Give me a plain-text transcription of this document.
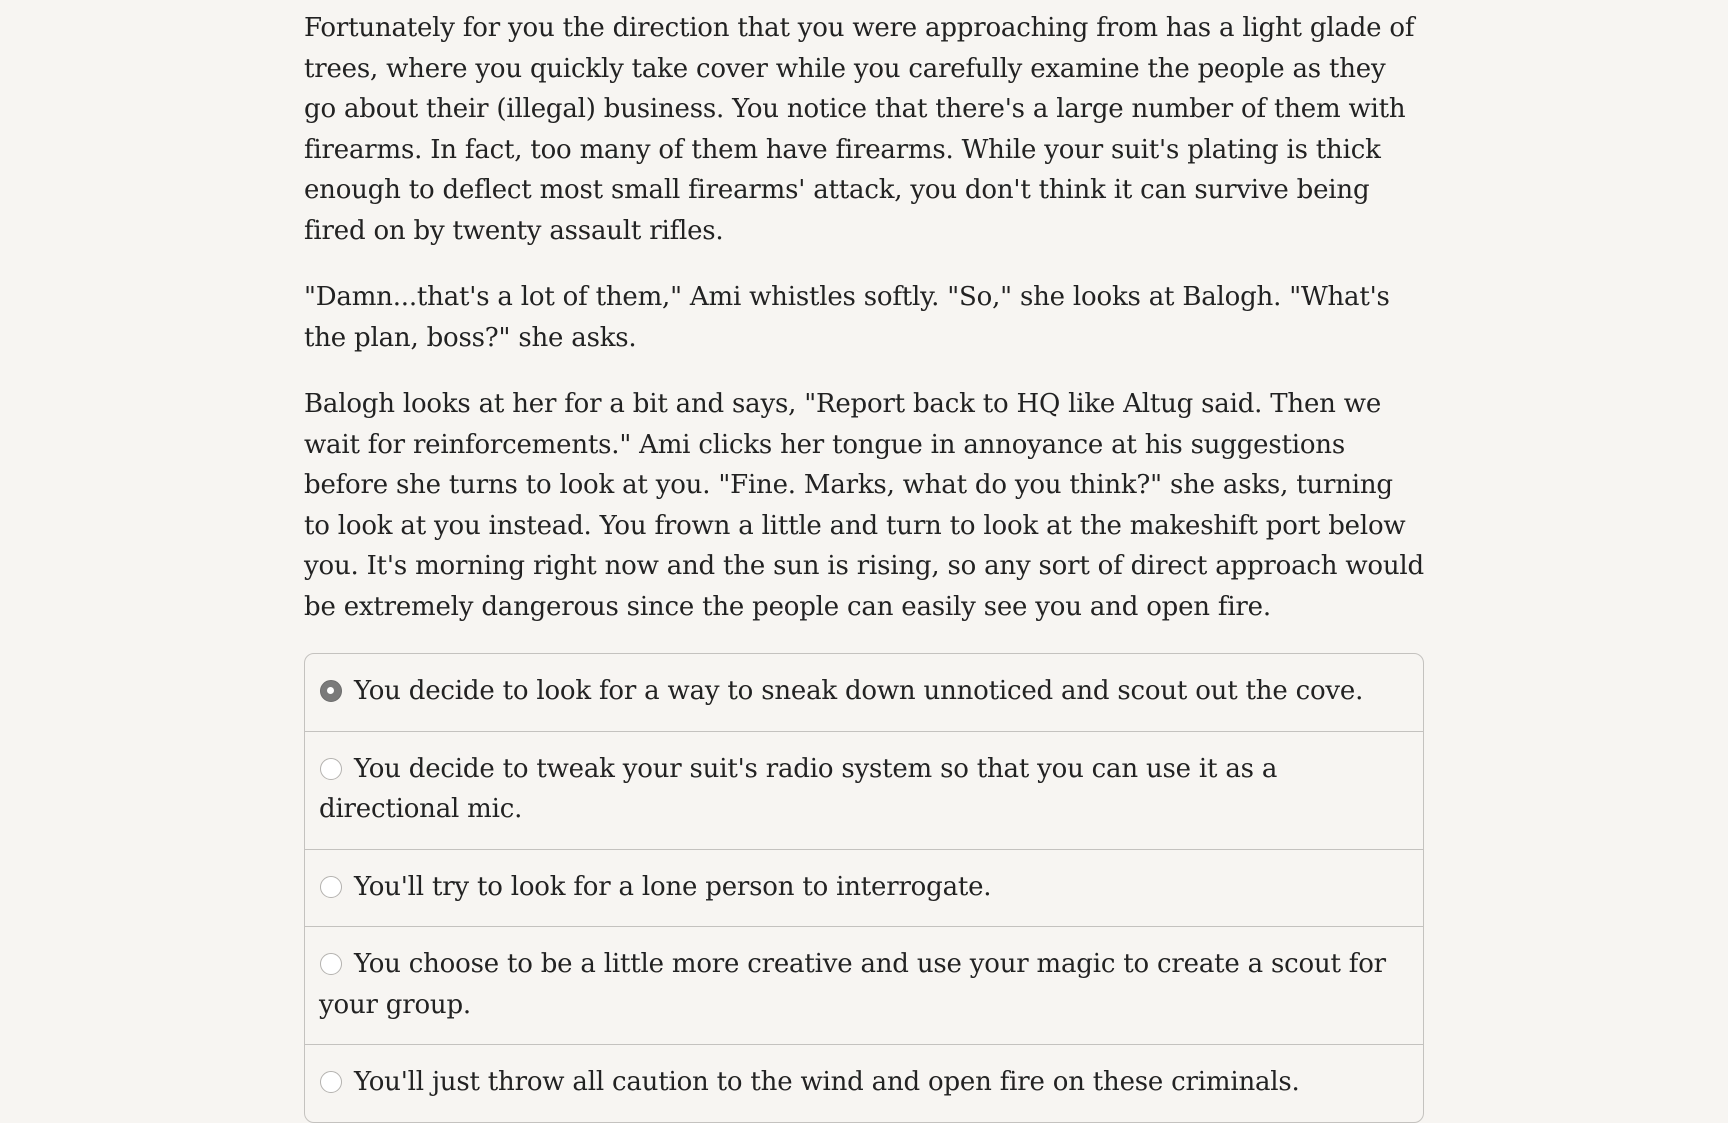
Fortunately for you the direction that you were approaching from has a light glade of trees, where you quickly take cover while you carefully examine the people as they go about their (illegal) business. You notice that there's a large number of them with firearms. In fact, too many of them have firearms. While your suit's plating is thick enough to deflect most small firearms' attack, you don't think it can survive being fired on by twenty assault rifles.

"Damn...that's a lot of them," Ami whistles softly. "So," she looks at Balogh. "What's the plan, boss?" she asks.

Balogh looks at her for a bit and says, "Report back to HQ like Altug said. Then we wait for reinforcements." Ami clicks her tongue in annoyance at his suggestions before she turns to look at you. "Fine. Marks, what do you think?" she asks, turning to look at you instead. You frown a little and turn to look at the makeshift port below you. It's morning right now and the sun is rising, so any sort of direct approach would be extremely dangerous since the people can easily see you and open fire.

You decide to look for a way to sneak down unnoticed and scout out the cove.
You decide to tweak your suit's radio system so that you can use it as a directional mic.
You'll try to look for a lone person to interrogate.
You choose to be a little more creative and use your magic to create a scout for your group.
You'll just throw all caution to the wind and open fire on these criminals.
